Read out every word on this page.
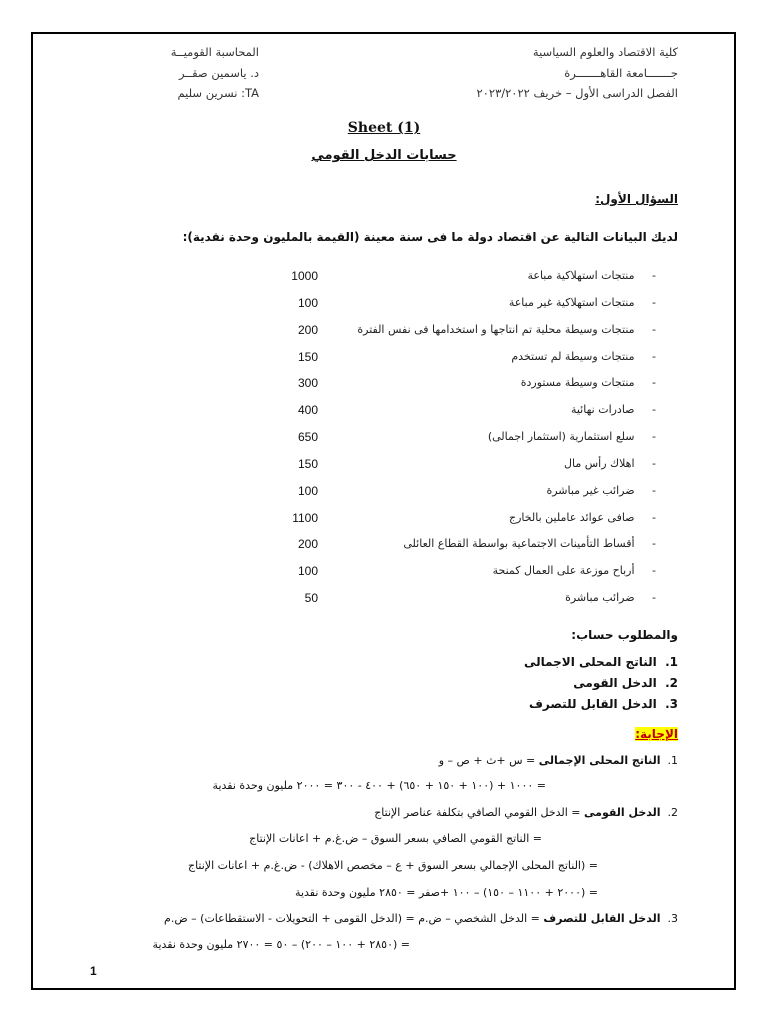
المحاسبة القوميــة
د. ياسمين صقــر
TA: نسرين سليم
كلية الاقتصاد والعلوم السياسية
جـــــــامعة القاهـــــــرة
الفصل الدراسى الأول – خريف ٢٠٢٣/٢٠٢٢
Sheet (1)
حسابات الدخل القومي
السؤال الأول:
لديك البيانات التالية عن اقتصاد دولة ما فى سنة معينة (القيمة بالمليون وحدة نقدية):
-     منتجات استهلاكية مباعة
1000
-     منتجات استهلاكية غير مباعة
100
-     منتجات وسيطة محلية تم انتاجها و استخدامها فى نفس الفترة
200
-     منتجات وسيطة لم تستخدم
150
-     منتجات وسيطة مستوردة
300
-     صادرات نهائية
400
-     سلع استثمارية (استثمار اجمالى)
650
-     اهلاك رأس مال
150
-     ضرائب غير مباشرة
100
-     صافى عوائد عاملين بالخارج
1100
-     أقساط التأمينات الاجتماعية بواسطة القطاع العائلى
200
-     أرباح موزعة على العمال كمنحة
100
-     ضرائب مباشرة
50
والمطلوب حساب:
1.  الناتج المحلى الاجمالى
2.  الدخل القومى
3.  الدخل القابل للتصرف
الإجابة:
1.  الناتج المحلى الإجمالى = س +ث + ص – و
= ١٠٠٠ + (١٠٠ + ١٥٠ + ٦٥٠) + ٤٠٠ - ٣٠٠ = ٢٠٠٠ مليون وحدة نقدية
2.  الدخل القومى = الدخل القومي الصافي بتكلفة عناصر الإنتاج
= الناتج القومي الصافي بسعر السوق – ض.غ.م + اعانات الإنتاج
= (الناتج المحلى الإجمالي بسعر السوق + ع – مخصص الاهلاك) - ض.غ.م + اعانات الإنتاج
= (٢٠٠٠ + ١١٠٠ – ١٥٠) – ١٠٠ +صفر = ٢٨٥٠ مليون وحدة نقدية
3.  الدخل القابل للتصرف = الدخل الشخصي – ض.م = (الدخل القومى + التحويلات - الاستقطاعات) – ض.م
= (٢٨٥٠ + ١٠٠ – ٢٠٠) – ٥٠ = ٢٧٠٠ مليون وحدة نقدية
1
